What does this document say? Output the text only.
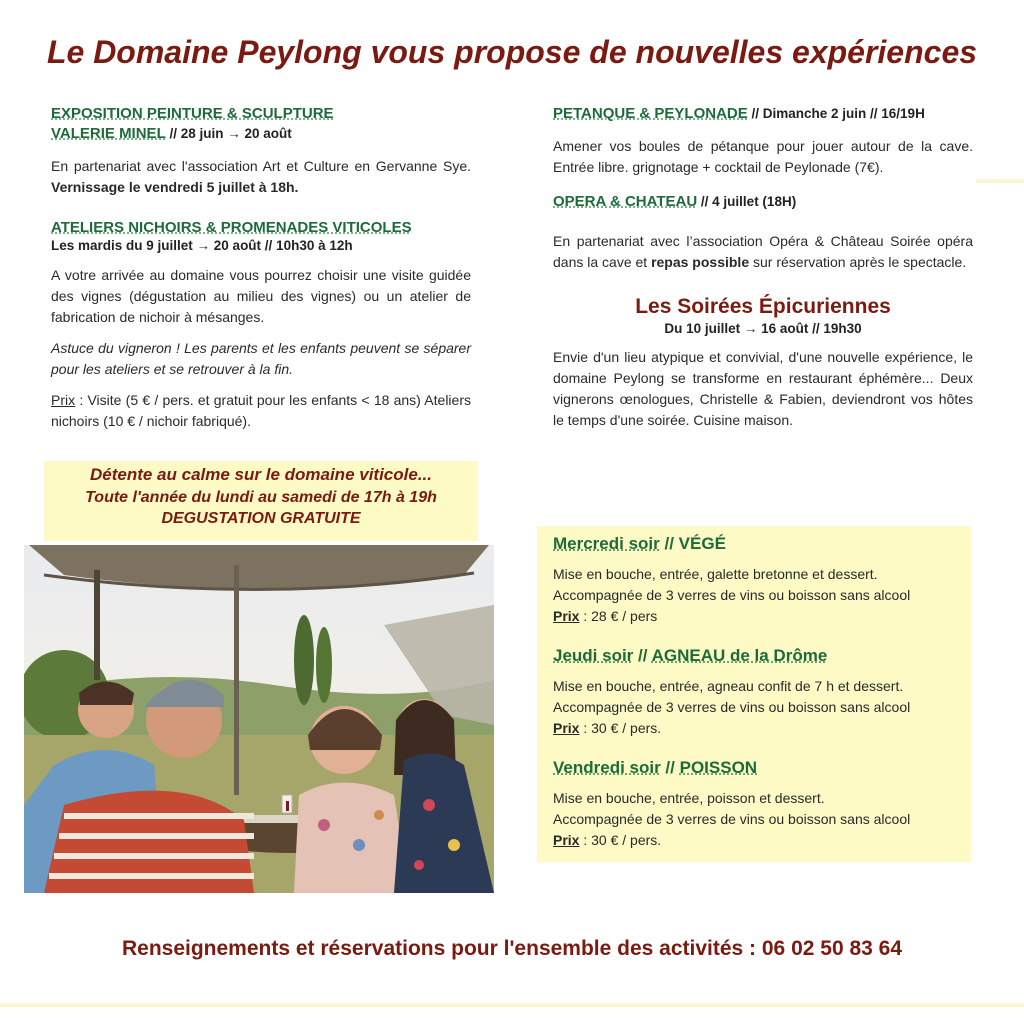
Le Domaine Peylong vous propose de nouvelles expériences
EXPOSITION PEINTURE & SCULPTURE
VALERIE MINEL // 28 juin → 20 août

En partenariat avec l'association Art et Culture en Gervanne Sye. Vernissage le vendredi 5 juillet à 18h.

ATELIERS NICHOIRS & PROMENADES VITICOLES
Les mardis du 9 juillet → 20 août // 10h30 à 12h

A votre arrivée au domaine vous pourrez choisir une visite guidée des vignes (dégustation au milieu des vignes) ou un atelier de fabrication de nichoir à mésanges.

Astuce du vigneron ! Les parents et les enfants peuvent se séparer pour les ateliers et se retrouver à la fin.

Prix : Visite (5 € / pers. et gratuit pour les enfants < 18 ans) Ateliers nichoirs (10 € / nichoir fabriqué).

Détente au calme sur le domaine viticole...
Toute l'année du lundi au samedi de 17h à 19h
DEGUSTATION GRATUITE
PETANQUE & PEYLONADE // Dimanche 2 juin // 16/19H

Amener vos boules de pétanque pour jouer autour de la cave. Entrée libre. grignotage + cocktail de Peylonade (7€).

OPERA & CHATEAU // 4 juillet (18H)

En partenariat avec l’association Opéra & Château Soirée opéra dans la cave et repas possible sur réservation après le spectacle.

Les Soirées Épicuriennes
Du 10 juillet → 16 août // 19h30

Envie d'un lieu atypique et convivial, d'une nouvelle expérience, le domaine Peylong se transforme en restaurant éphémère... Deux vignerons œnologues, Christelle & Fabien, deviendront vos hôtes le temps d'une soirée. Cuisine maison.

Mercredi soir // VÉGÉ

Mise en bouche, entrée, galette bretonne et dessert.

Accompagnée de 3 verres de vins ou boisson sans alcool

Prix : 28 € / pers

Jeudi soir // AGNEAU de la Drôme

Mise en bouche, entrée, agneau confit de 7 h et dessert.

Accompagnée de 3 verres de vins ou boisson sans alcool

Prix : 30 € / pers.

Vendredi soir // POISSON

Mise en bouche, entrée, poisson et dessert.

Accompagnée de 3 verres de vins ou boisson sans alcool

Prix : 30 € / pers.

Renseignements et réservations pour l'ensemble des activités : 06 02 50 83 64
